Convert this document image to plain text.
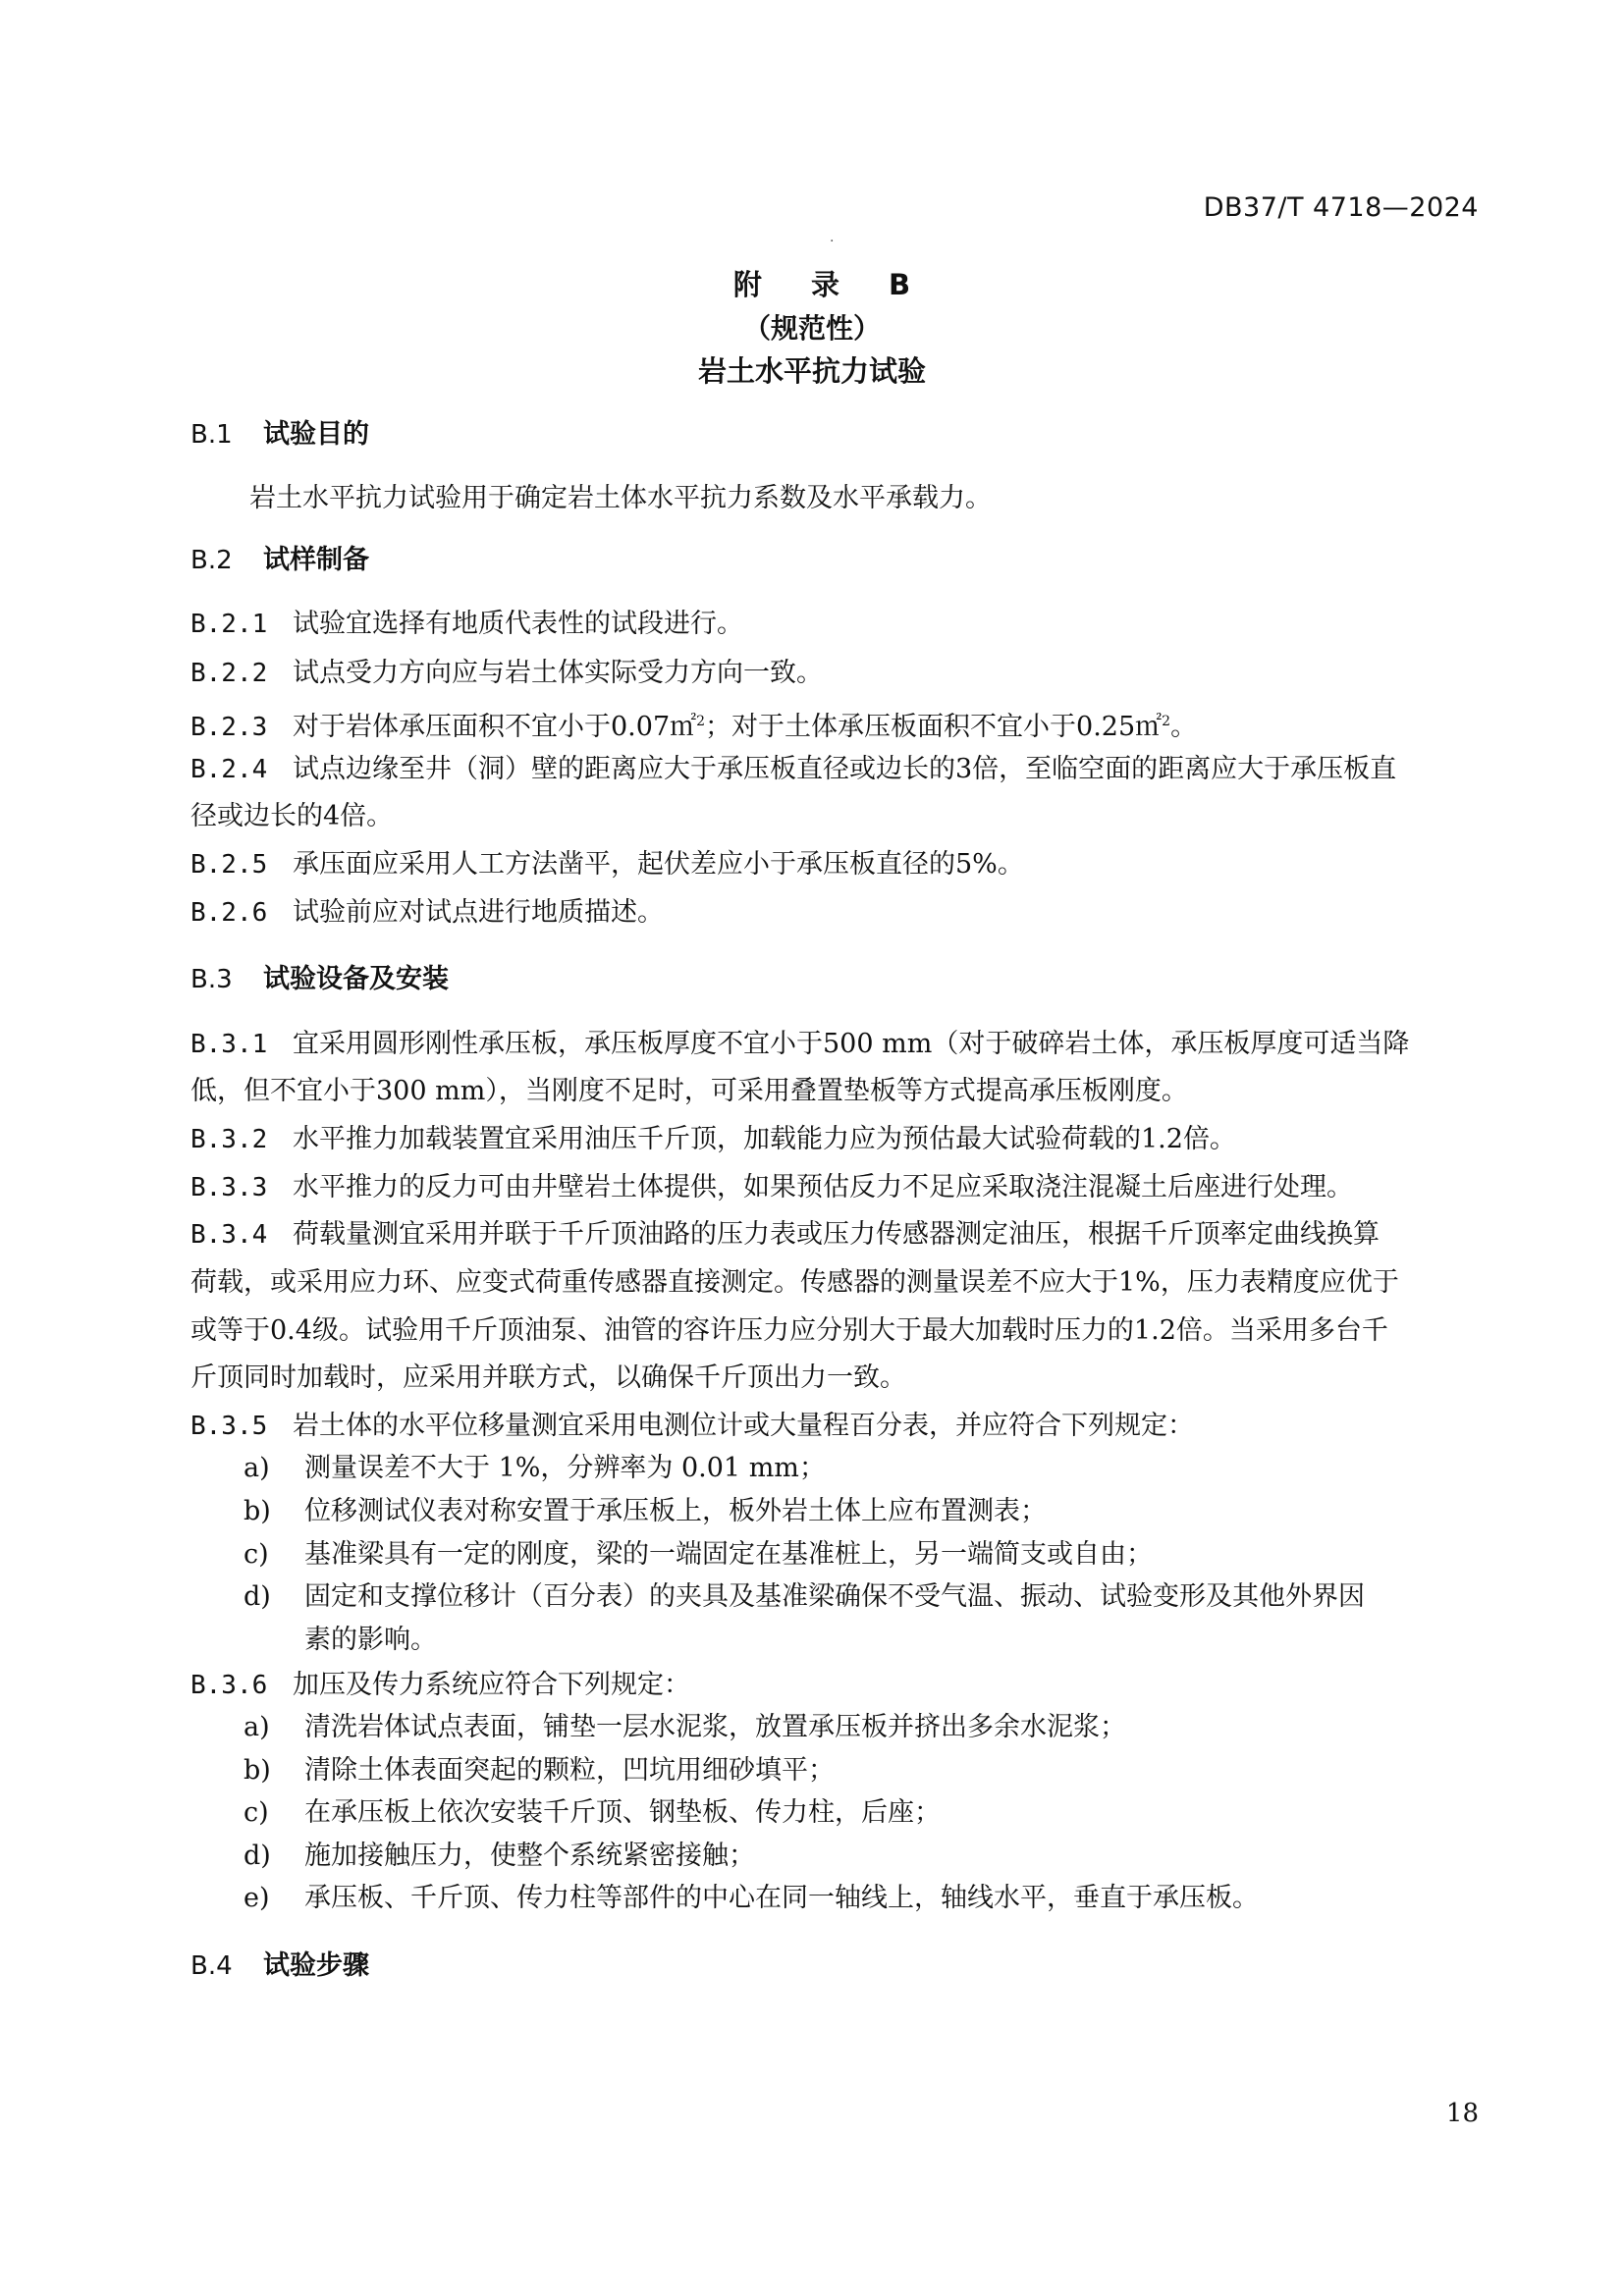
DB37/T 4718—2024
·
附 录 B
（规范性）
岩土水平抗力试验
B.1 试验目的
岩土水平抗力试验用于确定岩土体水平抗力系数及水平承载力。
B.2 试样制备
B.2.1 试验宜选择有地质代表性的试段进行。
B.2.2 试点受力方向应与岩土体实际受力方向一致。
B.2.3 对于岩体承压面积不宜小于0.07㎡$^2$；对于土体承压板面积不宜小于0.25㎡$^2$。
B.2.4 试点边缘至井（洞）壁的距离应大于承压板直径或边长的3倍，至临空面的距离应大于承压板直
径或边长的4倍。
B.2.5 承压面应采用人工方法凿平，起伏差应小于承压板直径的5%。
B.2.6 试验前应对试点进行地质描述。
B.3 试验设备及安装
B.3.1 宜采用圆形刚性承压板，承压板厚度不宜小于500 mm（对于破碎岩土体，承压板厚度可适当降
低，但不宜小于300 mm），当刚度不足时，可采用叠置垫板等方式提高承压板刚度。
B.3.2 水平推力加载装置宜采用油压千斤顶，加载能力应为预估最大试验荷载的1.2倍。
B.3.3 水平推力的反力可由井壁岩土体提供，如果预估反力不足应采取浇注混凝土后座进行处理。
B.3.4 荷载量测宜采用并联于千斤顶油路的压力表或压力传感器测定油压，根据千斤顶率定曲线换算
荷载，或采用应力环、应变式荷重传感器直接测定。传感器的测量误差不应大于1%，压力表精度应优于
或等于0.4级。试验用千斤顶油泵、油管的容许压力应分别大于最大加载时压力的1.2倍。当采用多台千
斤顶同时加载时，应采用并联方式，以确保千斤顶出力一致。
B.3.5 岩土体的水平位移量测宜采用电测位计或大量程百分表，并应符合下列规定：
a) 测量误差不大于 1%，分辨率为 0.01 mm；
b) 位移测试仪表对称安置于承压板上，板外岩土体上应布置测表；
c) 基准梁具有一定的刚度，梁的一端固定在基准桩上，另一端简支或自由；
d) 固定和支撑位移计（百分表）的夹具及基准梁确保不受气温、振动、试验变形及其他外界因
素的影响。
B.3.6 加压及传力系统应符合下列规定：
a) 清洗岩体试点表面，铺垫一层水泥浆，放置承压板并挤出多余水泥浆；
b) 清除土体表面突起的颗粒，凹坑用细砂填平；
c) 在承压板上依次安装千斤顶、钢垫板、传力柱，后座；
d) 施加接触压力，使整个系统紧密接触；
e) 承压板、千斤顶、传力柱等部件的中心在同一轴线上，轴线水平，垂直于承压板。
B.4 试验步骤
18
